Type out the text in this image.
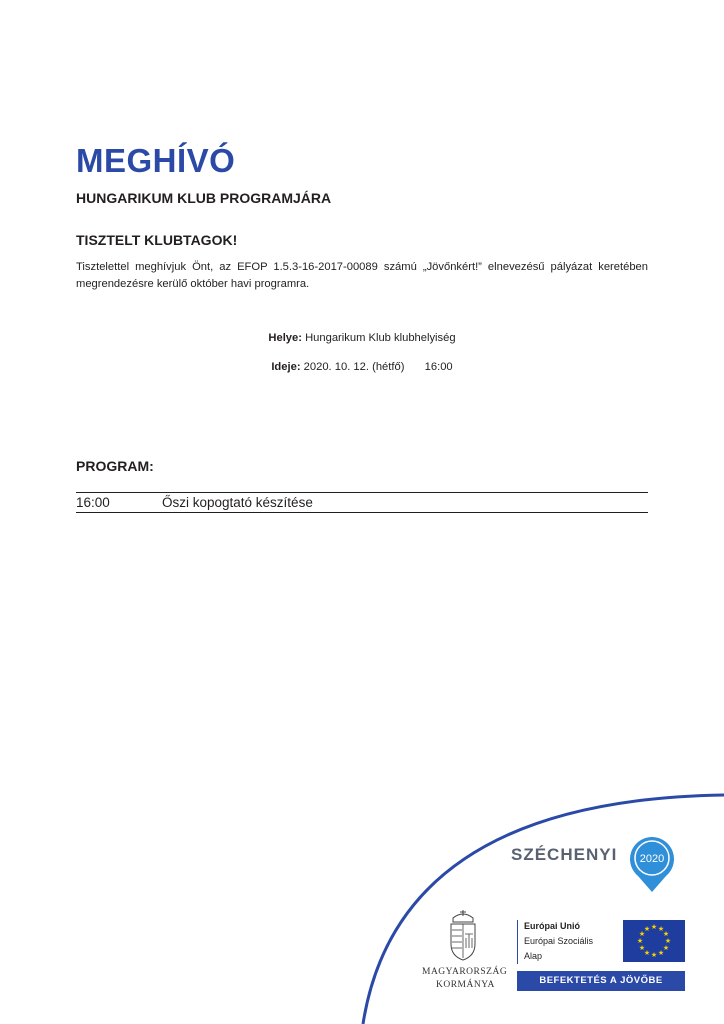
MEGHÍVÓ
HUNGARIKUM KLUB PROGRAMJÁRA
TISZTELT KLUBTAGOK!
Tisztelettel meghívjuk Önt, az EFOP 1.5.3-16-2017-00089 számú „Jövőnkért!” elnevezésű pályázat keretében megrendezésre kerülő október havi programra.
Helye: Hungarikum Klub klubhelyiség
Ideje: 2020. 10. 12. (hétfő) 16:00
PROGRAM:
16:00	Őszi kopogtató készítése
SZÉCHENYI 2020
MAGYARORSZÁG
KORMÁNYA
Európai Unió
Európai Szociális
Alap
★ ★
★
★
★
★
★
★
★
★
★
★
BEFEKTETÉS A JÖVŐBE
